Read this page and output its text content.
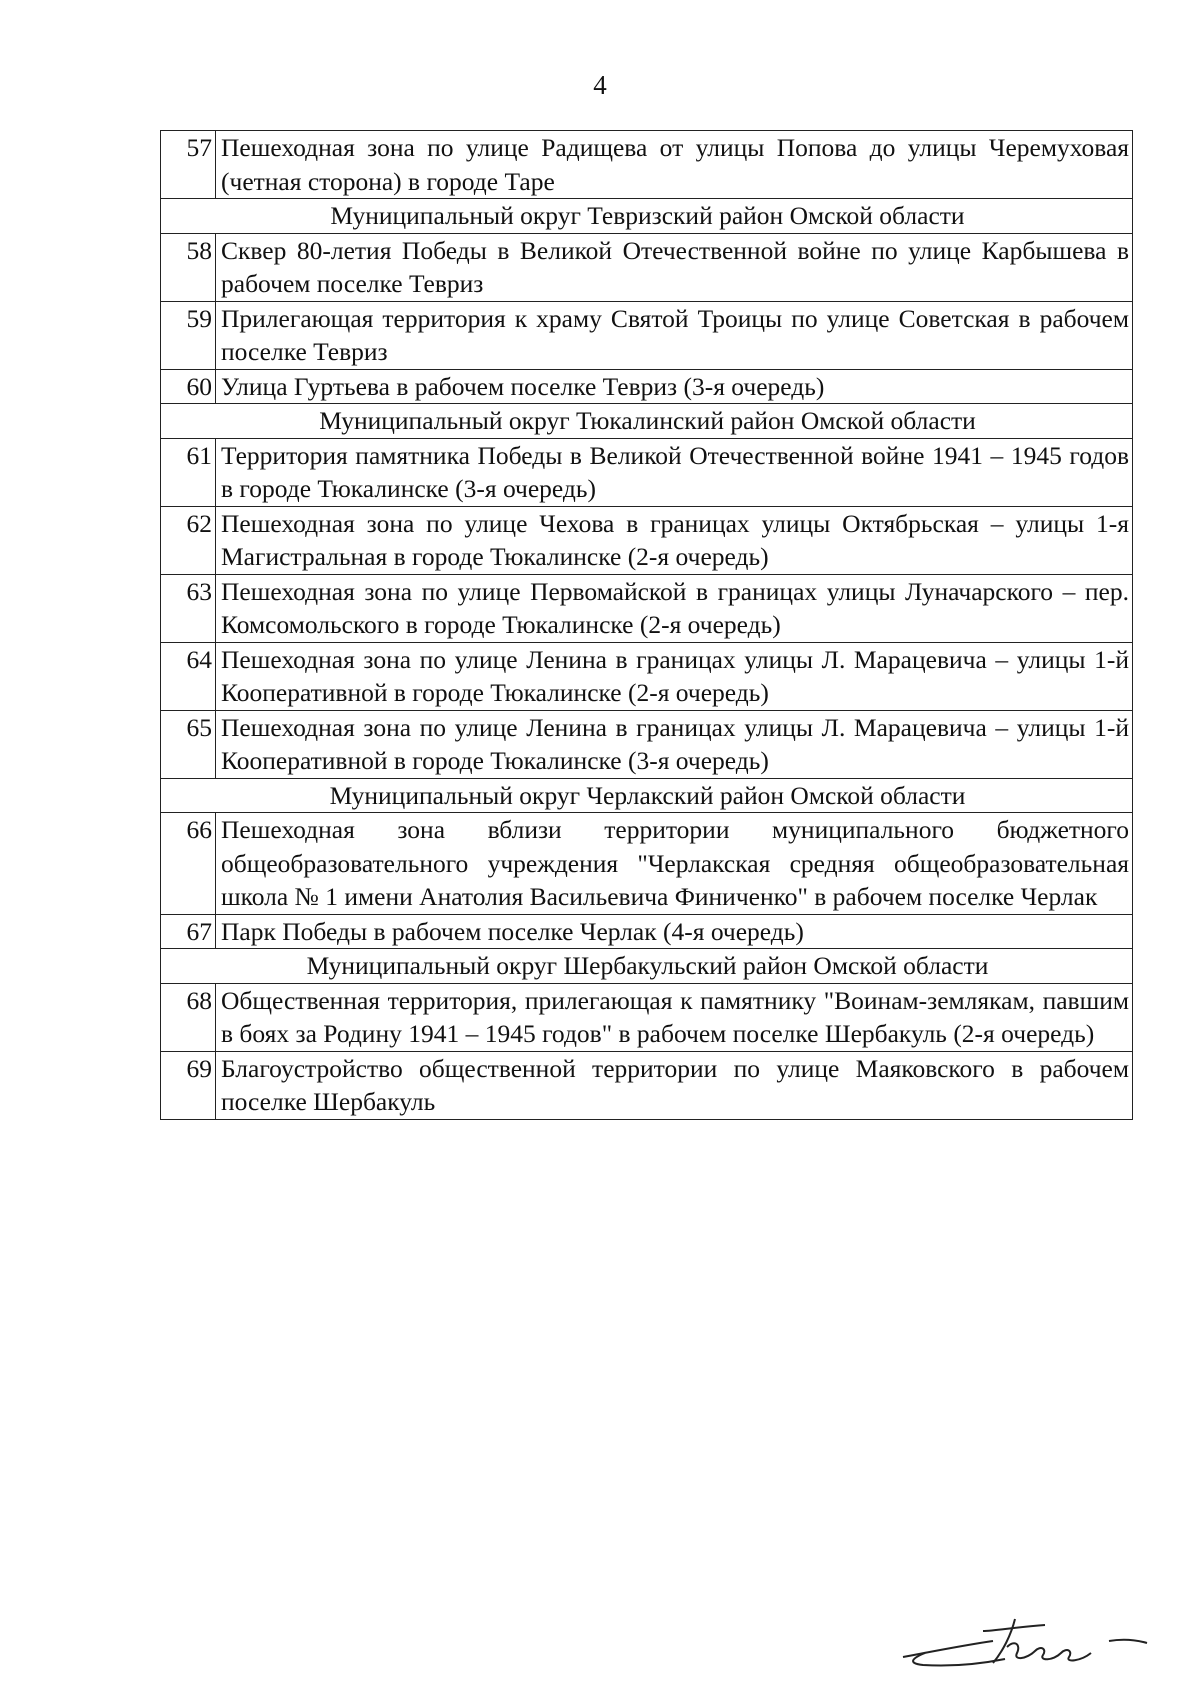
4
57	Пешеходная зона по улице Радищева от улицы Попова до улицы Черемуховая (четная сторона) в городе Таре
Муниципальный округ Тевризский район Омской области	
58	Сквер 80-летия Победы в Великой Отечественной войне по улице Карбышева в рабочем поселке Тевриз
59	Прилегающая территория к храму Святой Троицы по улице Советская в рабочем поселке Тевриз
60	Улица Гуртьева в рабочем поселке Тевриз (3-я очередь)
Муниципальный округ Тюкалинский район Омской области	
61	Территория памятника Победы в Великой Отечественной войне 1941 – 1945 годов в городе Тюкалинске (3-я очередь)
62	Пешеходная зона по улице Чехова в границах улицы Октябрьская – улицы 1-я Магистральная в городе Тюкалинске (2-я очередь)
63	Пешеходная зона по улице Первомайской в границах улицы Луначарского – пер. Комсомольского в городе Тюкалинске (2-я очередь)
64	Пешеходная зона по улице Ленина в границах улицы Л. Марацевича – улицы 1-й Кооперативной в городе Тюкалинске (2-я очередь)
65	Пешеходная зона по улице Ленина в границах улицы Л. Марацевича – улицы 1-й Кооперативной в городе Тюкалинске (3-я очередь)
Муниципальный округ Черлакский район Омской области	
66	Пешеходная зона вблизи территории муниципального бюджетного общеобразовательного учреждения "Черлакская средняя общеобразовательная школа № 1 имени Анатолия Васильевича Финиченко" в рабочем поселке Черлак
67	Парк Победы в рабочем поселке Черлак (4-я очередь)
Муниципальный округ Шербакульский район Омской области	
68	Общественная территория, прилегающая к памятнику "Воинам-землякам, павшим в боях за Родину 1941 – 1945 годов" в рабочем поселке Шербакуль (2-я очередь)
69	Благоустройство общественной территории по улице Маяковского в рабочем поселке Шербакуль
